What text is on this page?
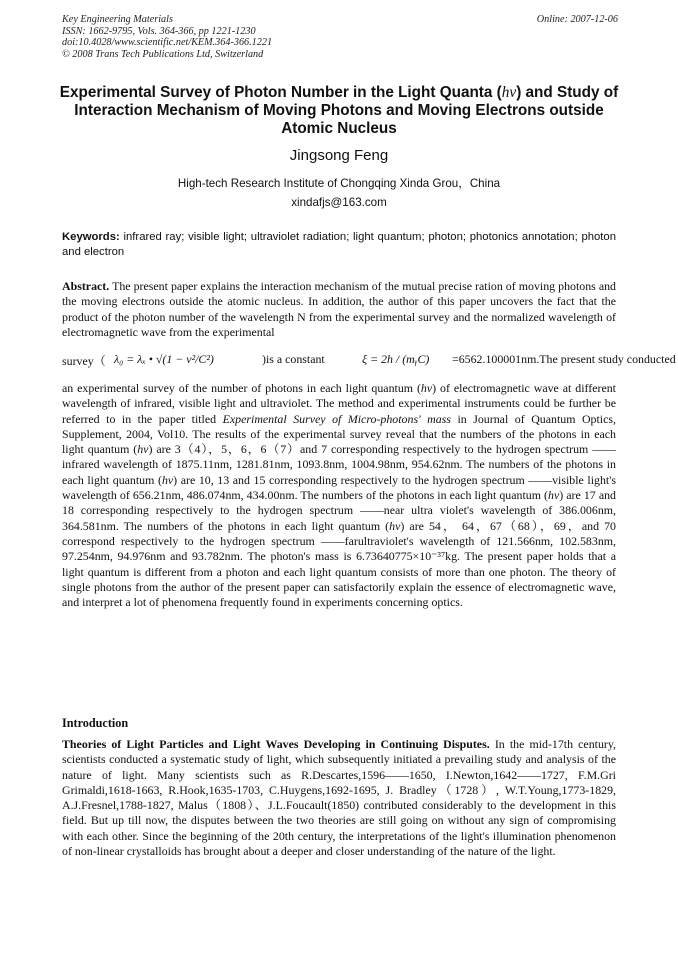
Key Engineering Materials
ISSN: 1662-9795, Vols. 364-366, pp 1221-1230
doi:10.4028/www.scientific.net/KEM.364-366.1221
© 2008 Trans Tech Publications Ltd, Switzerland
Online: 2007-12-06
Experimental Survey of Photon Number in the Light Quanta (hv) and Study of Interaction Mechanism of Moving Photons and Moving Electrons outside Atomic Nucleus
Jingsong Feng
High-tech Research Institute of Chongqing Xinda Grou，China
xindafjs@163.com
Keywords: infrared ray; visible light; ultraviolet radiation; light quantum; photon; photonics annotation; photon and electron
Abstract. The present paper explains the interaction mechanism of the mutual precise ration of moving photons and the moving electrons outside the atomic nucleus. In addition, the author of this paper uncovers the fact that the product of the photon number of the wavelength N from the experimental survey and the normalized wavelength of electromagnetic wave from the experimental
survey（ λ₀ = λₓ • √(1 − v²/C²)	)is a constant	ξ = 2h / (mᵧC) =6562.100001nm.The present study conducted
an experimental survey of the number of photons in each light quantum (hv) of electromagnetic wave at different wavelength of infrared, visible light and ultraviolet. The method and experimental instruments could be further be referred to in the paper titled Experimental Survey of Micro-photons' mass in Journal of Quantum Optics, Supplement, 2004, Vol10. The results of the experimental survey reveal that the numbers of the photons in each light quantum (hv) are 3（4），5，6，6（7）and 7 corresponding respectively to the hydrogen spectrum ——infrared wavelength of 1875.11nm, 1281.81nm, 1093.8nm, 1004.98nm, 954.62nm. The numbers of the photons in each light quantum (hv) are 10, 13 and 15 corresponding respectively to the hydrogen spectrum ——visible light's wavelength of 656.21nm, 486.074nm, 434.00nm. The numbers of the photons in each light quantum (hv) are 17 and 18 corresponding respectively to the hydrogen spectrum ——near ultra violet's wavelength of 386.006nm, 364.581nm. The numbers of the photons in each light quantum (hv) are 54， 64，67（68），69，and 70 correspond respectively to the hydrogen spectrum ——farultraviolet's wavelength of 121.566nm, 102.583nm, 97.254nm, 94.976nm and 93.782nm. The photon's mass is 6.73640775×10⁻³⁷kg. The present paper holds that a light quantum is different from a photon and each light quantum consists of more than one photon. The theory of single photons from the author of the present paper can satisfactorily explain the essence of electromagnetic wave, and interpret a lot of phenomena frequently found in experiments concerning optics.
Introduction
Theories of Light Particles and Light Waves Developing in Continuing Disputes. In the mid-17th century, scientists conducted a systematic study of light, which subsequently initiated a prevailing study and analysis of the nature of light. Many scientists such as R.Descartes,1596——1650, I.Newton,1642——1727, F.M.Gri Grimaldi,1618-1663, R.Hook,1635-1703, C.Huygens,1692-1695, J. Bradley（1728）, W.T.Young,1773-1829, A.J.Fresnel,1788-1827, Malus（1808）、J.L.Foucault(1850) contributed considerably to the development in this field. But up till now, the disputes between the two theories are still going on without any sign of compromising with each other. Since the beginning of the 20th century, the interpretations of the light's illumination phenomenon of non-linear crystalloids has brought about a deeper and closer understanding of the nature of the light.
